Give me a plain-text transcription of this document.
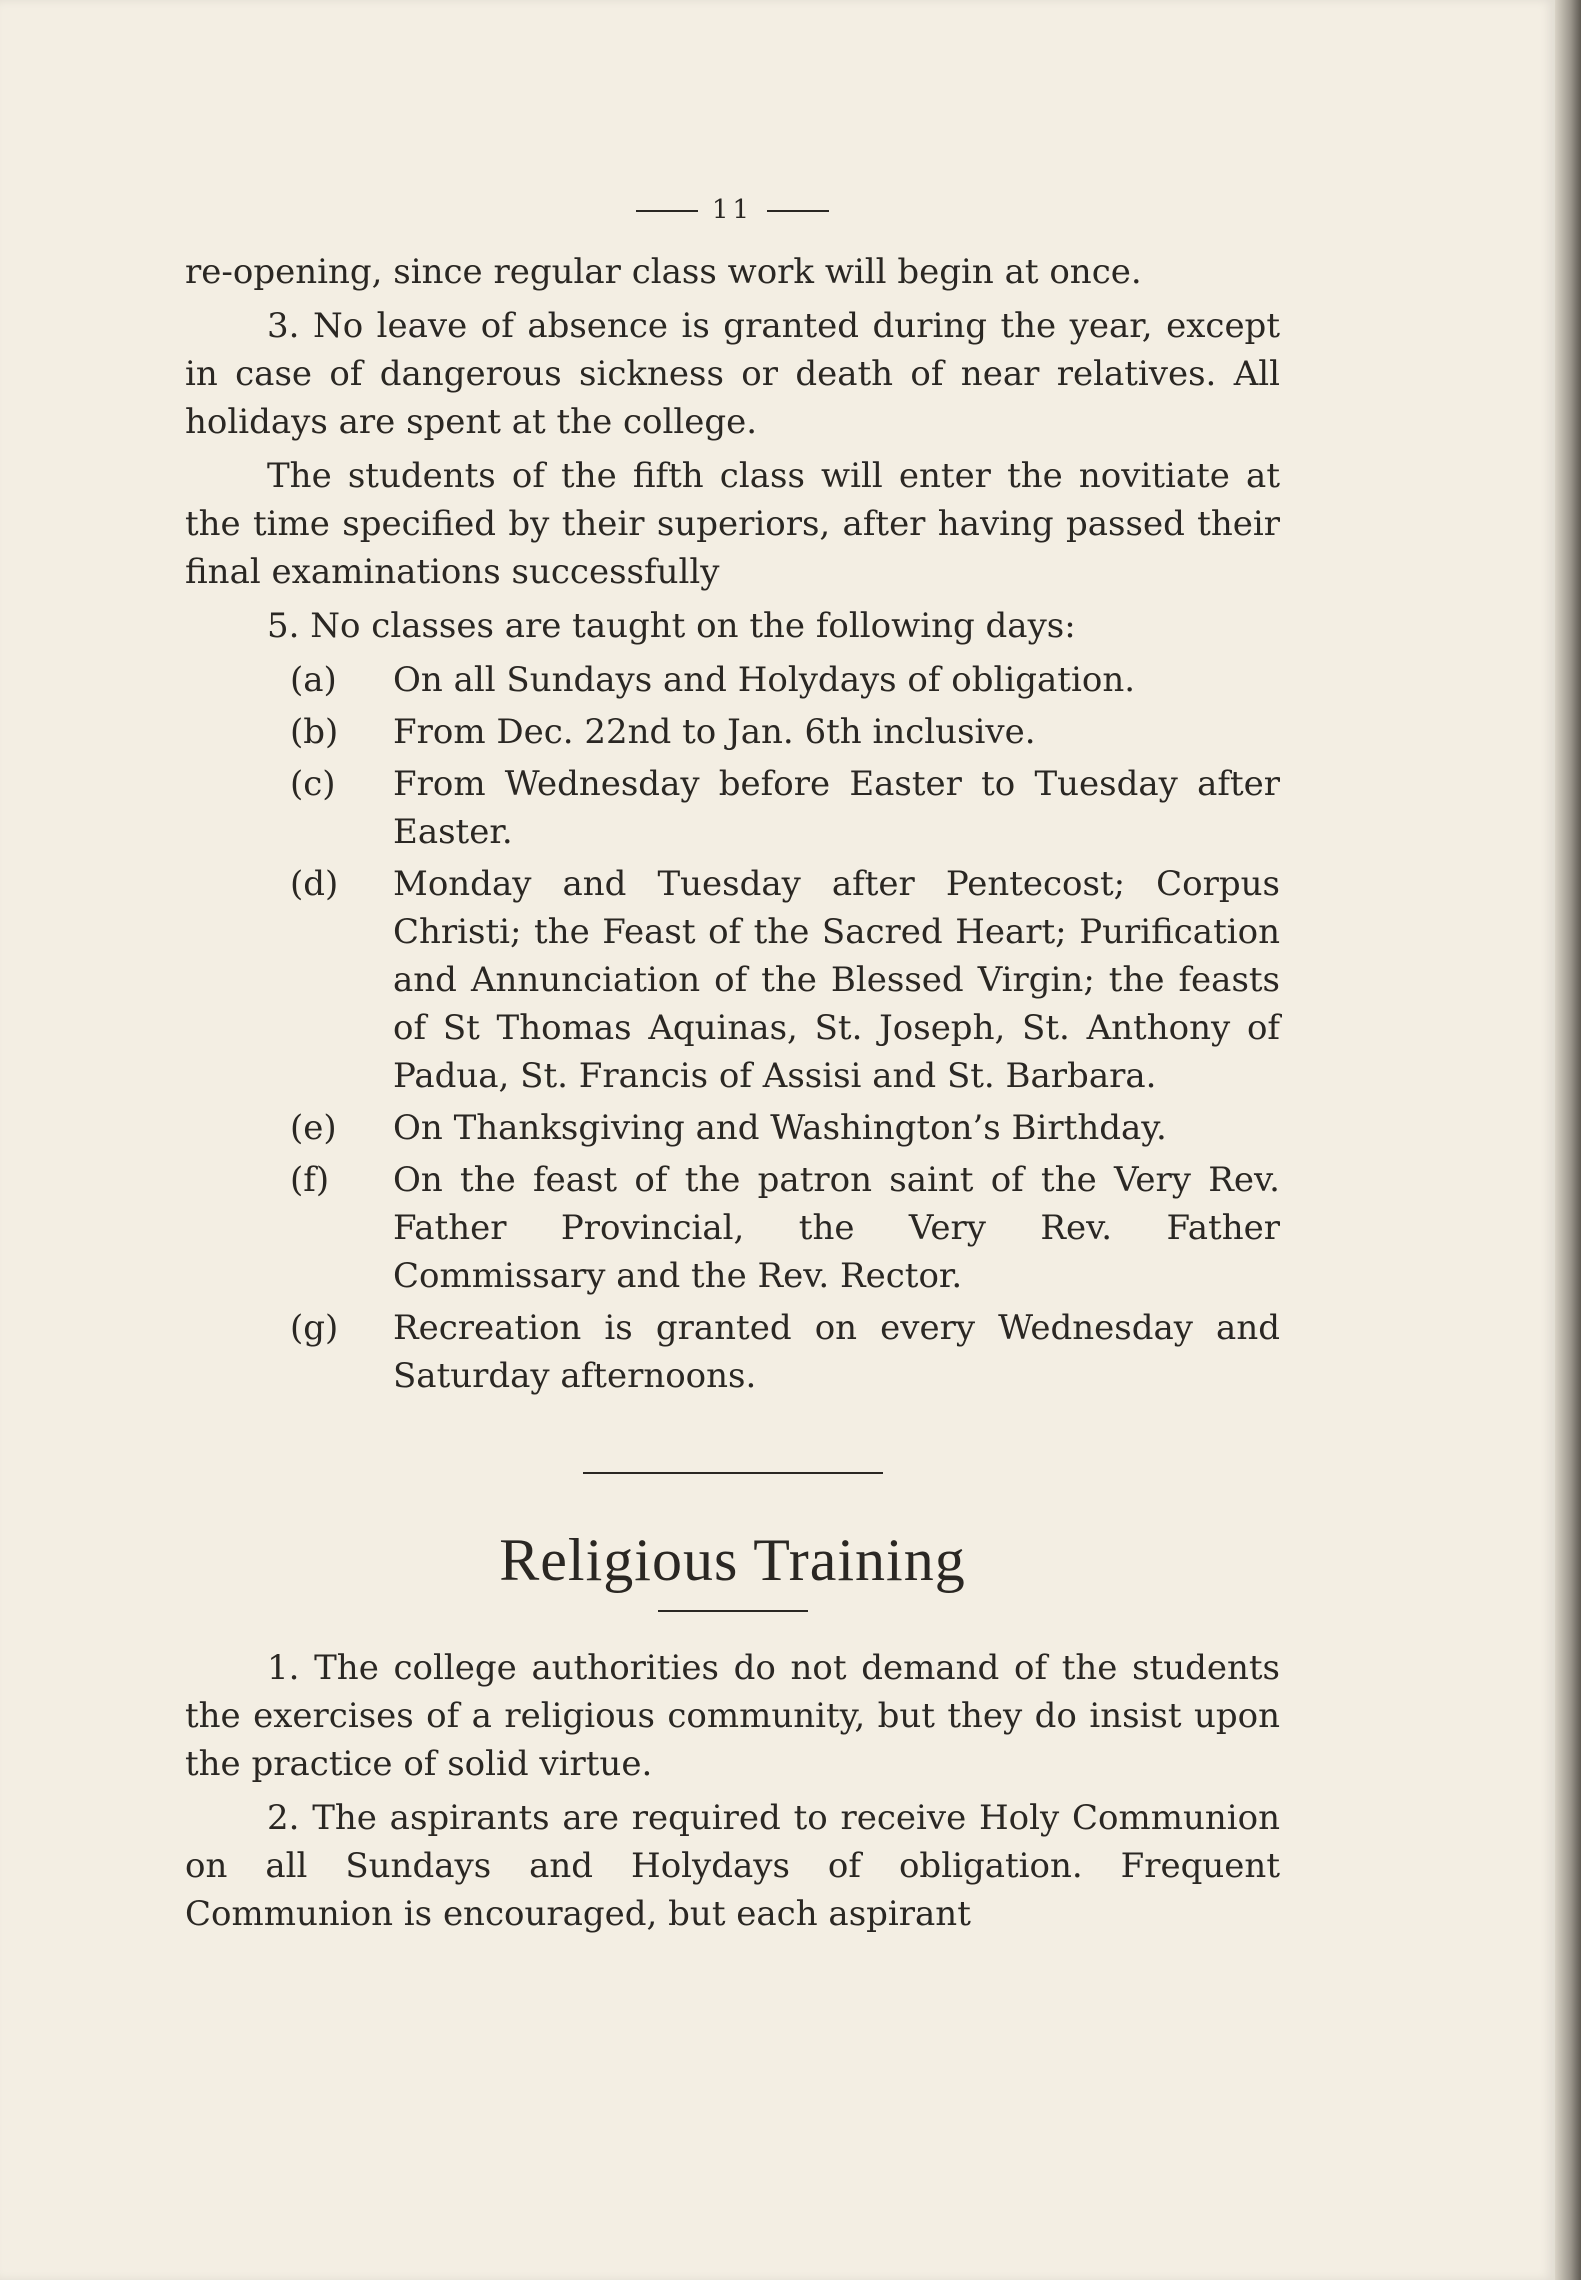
11

re-opening, since regular class work will begin at once.

3. No leave of absence is granted during the year, except in case of dangerous sickness or death of near relatives. All holidays are spent at the college.

The students of the fifth class will enter the novitiate at the time specified by their superiors, after having passed their final examinations successfully

5. No classes are taught on the following days:

(a)	On all Sundays and Holydays of obligation.
(b)	From Dec. 22nd to Jan. 6th inclusive.
(c)	From Wednesday before Easter to Tuesday after Easter.
(d)	Monday and Tuesday after Pentecost; Corpus Christi; the Feast of the Sacred Heart; Purification and Annunciation of the Blessed Virgin; the feasts of St Thomas Aquinas, St. Joseph, St. Anthony of Padua, St. Francis of Assisi and St. Barbara.
(e)	On Thanksgiving and Washington’s Birthday.
(f)	On the feast of the patron saint of the Very Rev. Father Provincial, the Very Rev. Father Commissary and the Rev. Rector.
(g)	Recreation is granted on every Wednesday and Saturday afternoons.
Religious Training

1. The college authorities do not demand of the students the exercises of a religious community, but they do insist upon the practice of solid virtue.

2. The aspirants are required to receive Holy Communion on all Sundays and Holydays of obligation. Frequent Communion is encouraged, but each aspirant
